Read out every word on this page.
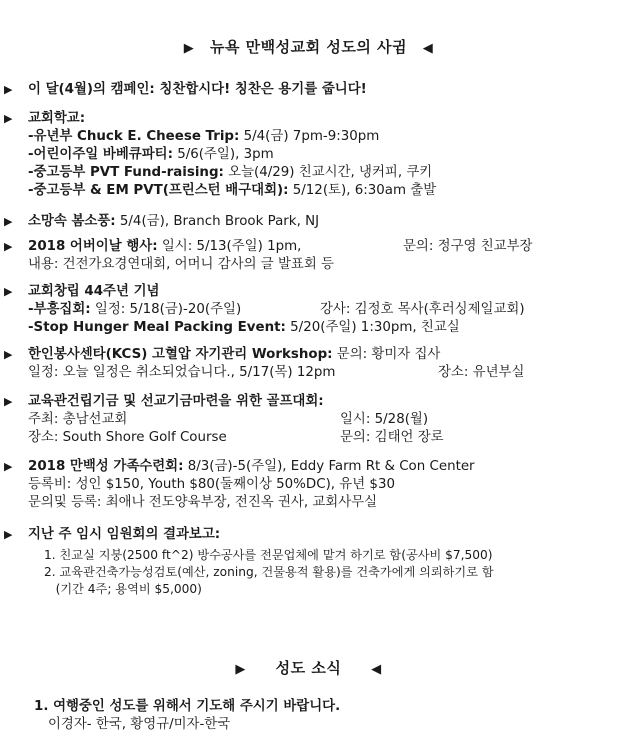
▶ 뉴욕 만백성교회 성도의 사귐 ◀
▶ 이 달(4월)의 캠페인: 칭찬합시다! 칭찬은 용기를 줍니다!
▶ 교회학교:
-유년부 Chuck E. Cheese Trip: 5/4(금) 7pm-9:30pm
-어린이주일 바베큐파티: 5/6(주일), 3pm
-중고등부 PVT Fund-raising: 오늘(4/29) 친교시간, 냉커피, 쿠키
-중고등부 & EM PVT(프린스턴 배구대회): 5/12(토), 6:30am 출발
▶ 소망속 봄소풍: 5/4(금), Branch Brook Park, NJ
▶ 2018 어버이날 행사: 일시: 5/13(주일) 1pm,	문의: 정구영 친교부장
내용: 건전가요경연대회, 어머니 감사의 글 발표회 등
▶ 교회창립 44주년 기념
-부흥집회: 일정: 5/18(금)-20(주일)	강사: 김정호 목사(후러싱제일교회)
-Stop Hunger Meal Packing Event: 5/20(주일) 1:30pm, 친교실
▶ 한인봉사센타(KCS) 고혈압 자기관리 Workshop: 문의: 황미자 집사
일정: 오늘 일정은 취소되었습니다., 5/17(목) 12pm	장소: 유년부실
▶ 교육관건립기금 및 선교기금마련을 위한 골프대회:
주최: 총남선교회	일시: 5/28(월)
장소: South Shore Golf Course	문의: 김태언 장로
▶ 2018 만백성 가족수련회: 8/3(금)-5(주일), Eddy Farm Rt & Con Center
등록비: 성인 $150, Youth $80(둘째이상 50%DC), 유년 $30
문의및 등록: 최애나 전도양육부장, 전진옥 권사, 교회사무실
▶ 지난 주 임시 임원회의 결과보고:
1. 친교실 지붕(2500 ft^2) 방수공사를 전문업체에 맡겨 하기로 함(공사비 $7,500)
2. 교육관건축가능성검토(예산, zoning, 건물용적 활용)를 건축가에게 의뢰하기로 함
(기간 4주; 용역비 $5,000)
▶ 성도 소식 ◀
1. 여행중인 성도를 위해서 기도해 주시기 바랍니다.
이경자- 한국, 황영규/미자-한국
